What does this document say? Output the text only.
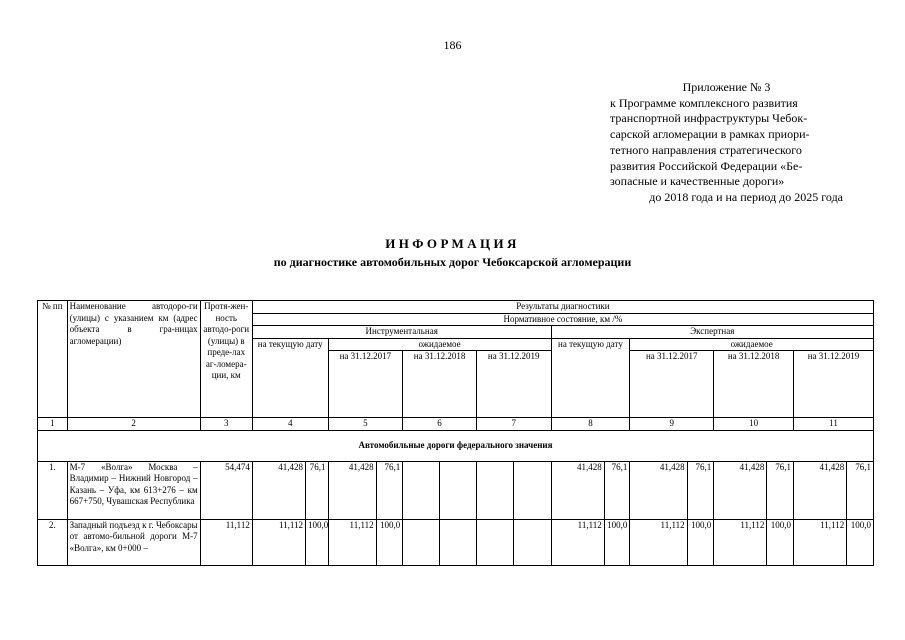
186
Приложение № 3
к Программе комплексного развития
транспортной инфраструктуры Чебок-
сарской агломерации в рамках приори-
тетного направления стратегического
развития Российской Федерации «Бе-
зопасные и качественные дороги»
до 2018 года и на период до 2025 года
ИНФОРМАЦИЯ
по диагностике автомобильных дорог Чебоксарской агломерации
№ пп	Наименование автодоро-ги (улицы) с указанием км (адрес объекта в гра-ницах агломерации)	Протя-жен-ность автодо-роги (улицы) в преде-лах аг-ломера-ции, км	Результаты диагностики															
			Нормативное состояние, км /%															
			Инструментальная								Экспертная							
			на текущую дату		ожидаемое						на текущую дату		ожидаемое					
					на 31.12.2017		на 31.12.2018		на 31.12.2019				на 31.12.2017		на 31.12.2018		на 31.12.2019	
1	2	3	4		5		6		7		8		9		10		11	
Автомобильные дороги федерального значения																		
1.	М-7 «Волга» Москва – Владимир – Нижний Новгород – Казань – Уфа, км 613+276 – км 667+750, Чувашская Республика	54,474	41,428	76,1	41,428	76,1					41,428	76,1	41,428	76,1	41,428	76,1	41,428	76,1
2.	Западный подъезд к г. Чебоксары от автомо-бильной дороги М-7 «Волга», км 0+000 –	11,112	11,112	100,0	11,112	100,0					11,112	100,0	11,112	100,0	11,112	100,0	11,112	100,0
